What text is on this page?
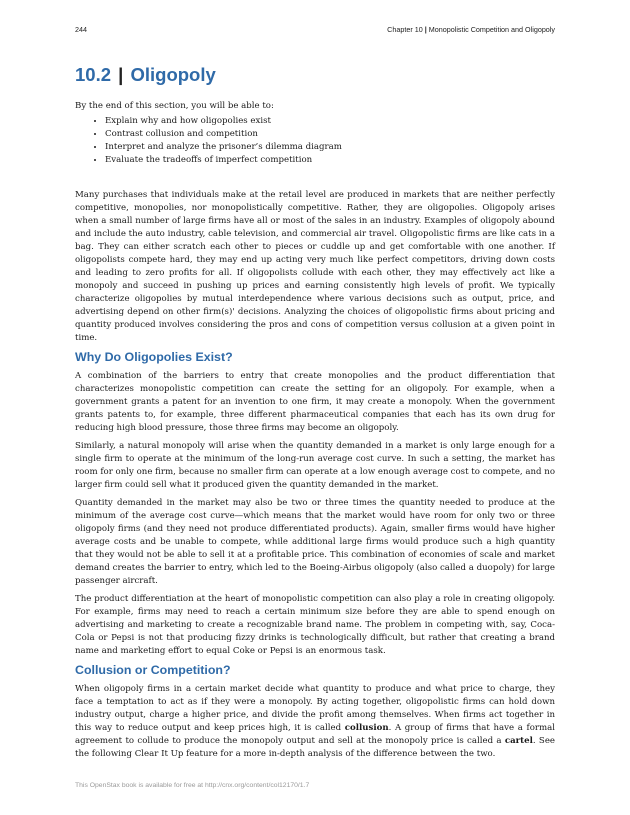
244	Chapter 10 | Monopolistic Competition and Oligopoly
10.2 | Oligopoly

By the end of this section, you will be able to:

• Explain why and how oligopolies exist
• Contrast collusion and competition
• Interpret and analyze the prisoner’s dilemma diagram
• Evaluate the tradeoffs of imperfect competition

Many purchases that individuals make at the retail level are produced in markets that are neither perfectly competitive, monopolies, nor monopolistically competitive. Rather, they are oligopolies. Oligopoly arises when a small number of large firms have all or most of the sales in an industry. Examples of oligopoly abound and include the auto industry, cable television, and commercial air travel. Oligopolistic firms are like cats in a bag. They can either scratch each other to pieces or cuddle up and get comfortable with one another. If oligopolists compete hard, they may end up acting very much like perfect competitors, driving down costs and leading to zero profits for all. If oligopolists collude with each other, they may effectively act like a monopoly and succeed in pushing up prices and earning consistently high levels of profit. We typically characterize oligopolies by mutual interdependence where various decisions such as output, price, and advertising depend on other firm(s)' decisions. Analyzing the choices of oligopolistic firms about pricing and quantity produced involves considering the pros and cons of competition versus collusion at a given point in time.

Why Do Oligopolies Exist?

A combination of the barriers to entry that create monopolies and the product differentiation that characterizes monopolistic competition can create the setting for an oligopoly. For example, when a government grants a patent for an invention to one firm, it may create a monopoly. When the government grants patents to, for example, three different pharmaceutical companies that each has its own drug for reducing high blood pressure, those three firms may become an oligopoly.

Similarly, a natural monopoly will arise when the quantity demanded in a market is only large enough for a single firm to operate at the minimum of the long-run average cost curve. In such a setting, the market has room for only one firm, because no smaller firm can operate at a low enough average cost to compete, and no larger firm could sell what it produced given the quantity demanded in the market.

Quantity demanded in the market may also be two or three times the quantity needed to produce at the minimum of the average cost curve—which means that the market would have room for only two or three oligopoly firms (and they need not produce differentiated products). Again, smaller firms would have higher average costs and be unable to compete, while additional large firms would produce such a high quantity that they would not be able to sell it at a profitable price. This combination of economies of scale and market demand creates the barrier to entry, which led to the Boeing-Airbus oligopoly (also called a duopoly) for large passenger aircraft.

The product differentiation at the heart of monopolistic competition can also play a role in creating oligopoly. For example, firms may need to reach a certain minimum size before they are able to spend enough on advertising and marketing to create a recognizable brand name. The problem in competing with, say, Coca-Cola or Pepsi is not that producing fizzy drinks is technologically difficult, but rather that creating a brand name and marketing effort to equal Coke or Pepsi is an enormous task.

Collusion or Competition?

When oligopoly firms in a certain market decide what quantity to produce and what price to charge, they face a temptation to act as if they were a monopoly. By acting together, oligopolistic firms can hold down industry output, charge a higher price, and divide the profit among themselves. When firms act together in this way to reduce output and keep prices high, it is called collusion. A group of firms that have a formal agreement to collude to produce the monopoly output and sell at the monopoly price is called a cartel. See the following Clear It Up feature for a more in-depth analysis of the difference between the two.

This OpenStax book is available for free at http://cnx.org/content/col12170/1.7
